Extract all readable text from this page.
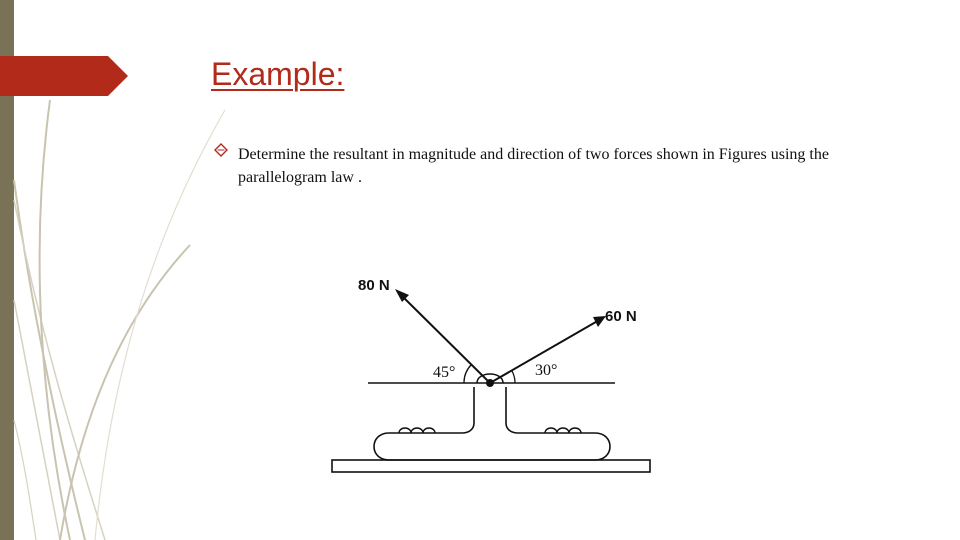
Example:

Determine the resultant in magnitude and direction of two forces shown in Figures using the parallelogram law .

80 N
60 N
45°	30°
